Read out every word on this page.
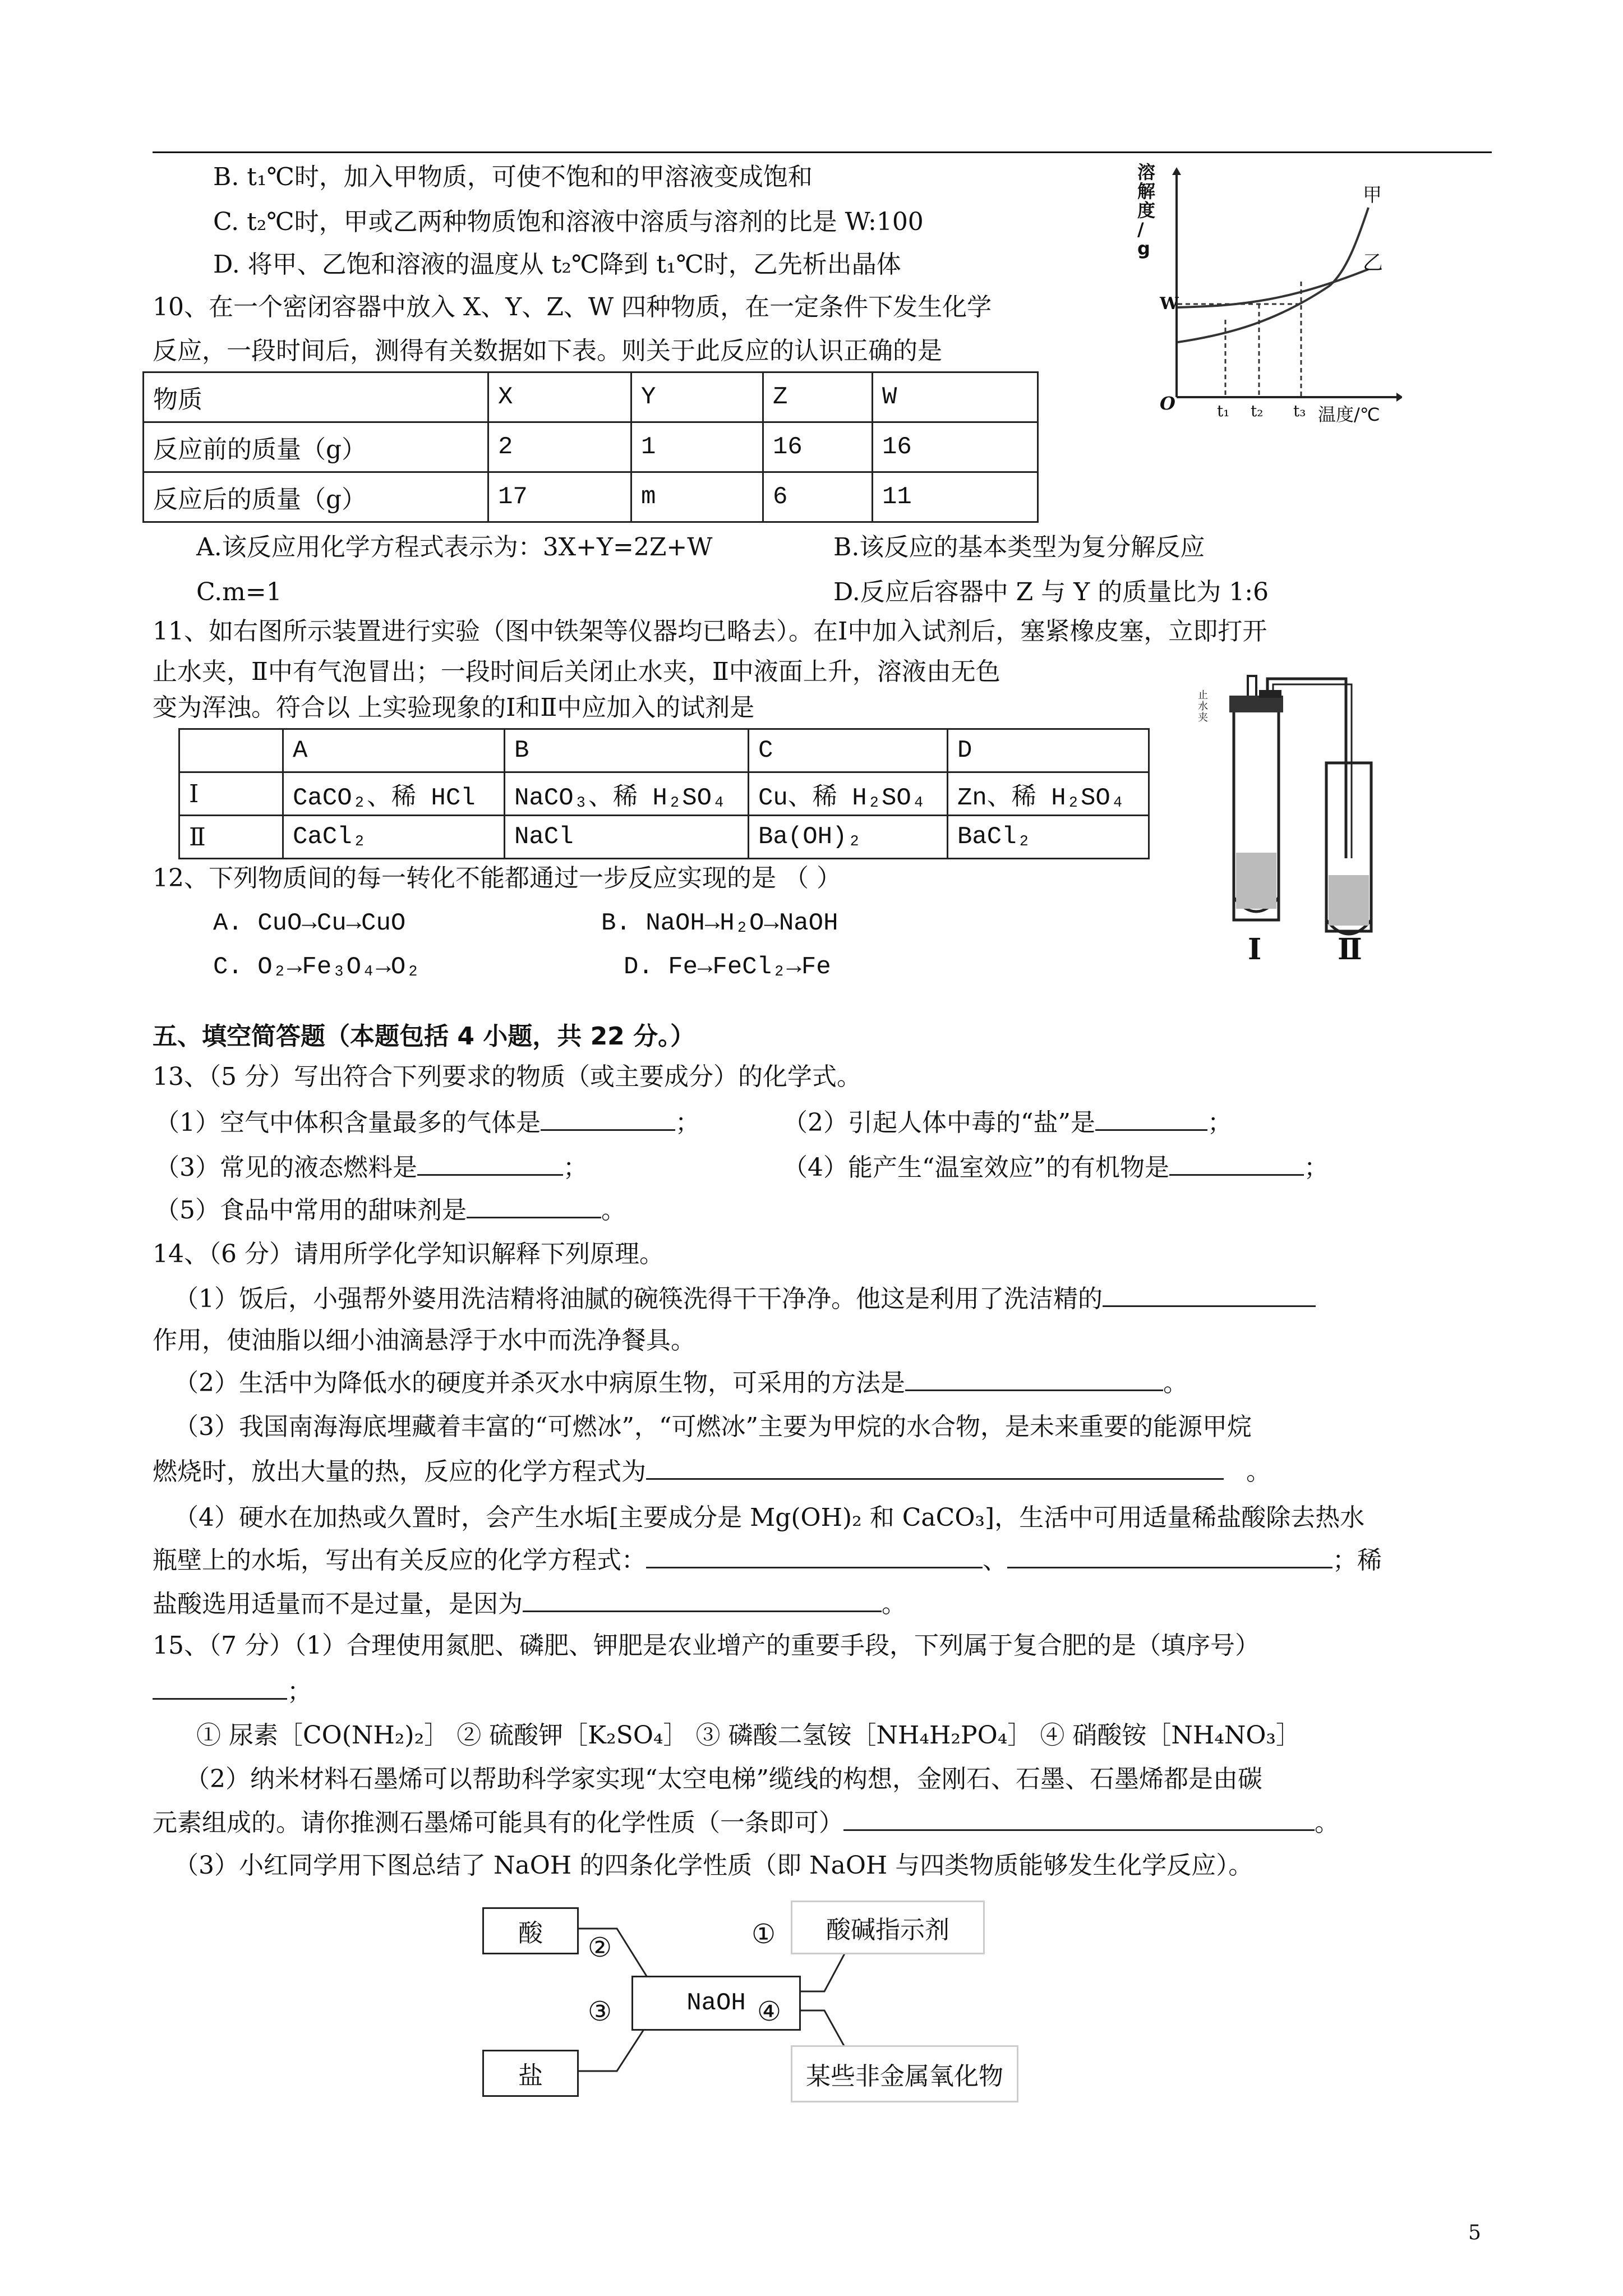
B. t₁℃时，加入甲物质，可使不饱和的甲溶液变成饱和
C. t₂℃时，甲或乙两种物质饱和溶液中溶质与溶剂的比是 W:100
D. 将甲、乙饱和溶液的温度从 t₂℃降到 t₁℃时，乙先析出晶体
溶
解
度
/
g
甲
乙
W
O	t₁ t₂ t₃ 温度/℃
10、在一个密闭容器中放入 X、Y、Z、W 四种物质，在一定条件下发生化学
反应，一段时间后，测得有关数据如下表。则关于此反应的认识正确的是
物质	X	Y	Z	W
反应前的质量（g）	2	1	16	16
反应后的质量（g）	17	m	6	11
A.该反应用化学方程式表示为：3X+Y=2Z+W	B.该反应的基本类型为复分解反应
C.m=1	D.反应后容器中 Z 与 Y 的质量比为 1:6
11、如右图所示装置进行实验（图中铁架等仪器均已略去）。在Ⅰ中加入试剂后，塞紧橡皮塞，立即打开
止水夹，Ⅱ中有气泡冒出；一段时间后关闭止水夹，Ⅱ中液面上升，溶液由无色
变为浑浊。符合以 上实验现象的Ⅰ和Ⅱ中应加入的试剂是
	A	B	C	D
Ⅰ	CaCO₂、稀 HCl	NaCO₃、稀 H₂SO₄	Cu、稀 H₂SO₄	Zn、稀 H₂SO₄
Ⅱ	CaCl₂	NaCl	Ba(OH)₂	BaCl₂
止水夹
Ⅰ	Ⅱ
12、下列物质间的每一转化不能都通过一步反应实现的是 （ ）
A. CuO→Cu→CuO	B. NaOH→H₂O→NaOH
C. O₂→Fe₃O₄→O₂	D. Fe→FeCl₂→Fe
五、填空简答题（本题包括 4 小题，共 22 分。）
13、（5 分）写出符合下列要求的物质（或主要成分）的化学式。
（1）空气中体积含量最多的气体是	；	（2）引起人体中毒的“盐”是	；
（3）常见的液态燃料是	；	（4）能产生“温室效应”的有机物是	；
（5）食品中常用的甜味剂是	。
14、（6 分）请用所学化学知识解释下列原理。
（1）饭后，小强帮外婆用洗洁精将油腻的碗筷洗得干干净净。他这是利用了洗洁精的
作用，使油脂以细小油滴悬浮于水中而洗净餐具。
（2）生活中为降低水的硬度并杀灭水中病原生物，可采用的方法是	。
（3）我国南海海底埋藏着丰富的“可燃冰”，“可燃冰”主要为甲烷的水合物，是未来重要的能源甲烷
燃烧时，放出大量的热，反应的化学方程式为	。
（4）硬水在加热或久置时，会产生水垢[主要成分是 Mg(OH)₂ 和 CaCO₃]，生活中可用适量稀盐酸除去热水
瓶壁上的水垢，写出有关反应的化学方程式：	、	；稀
盐酸选用适量而不是过量，是因为	。
15、（7 分）（1）合理使用氮肥、磷肥、钾肥是农业增产的重要手段，下列属于复合肥的是（填序号）
；
① 尿素［CO(NH₂)₂］ ② 硫酸钾［K₂SO₄］ ③ 磷酸二氢铵［NH₄H₂PO₄］ ④ 硝酸铵［NH₄NO₃］
（2）纳米材料石墨烯可以帮助科学家实现“太空电梯”缆线的构想，金刚石、石墨、石墨烯都是由碳
元素组成的。请你推测石墨烯可能具有的化学性质（一条即可）	。
（3）小红同学用下图总结了 NaOH 的四条化学性质（即 NaOH 与四类物质能够发生化学反应）。
酸	酸碱指示剂
NaOH
盐	某些非金属氧化物
②	①
③	④
5
